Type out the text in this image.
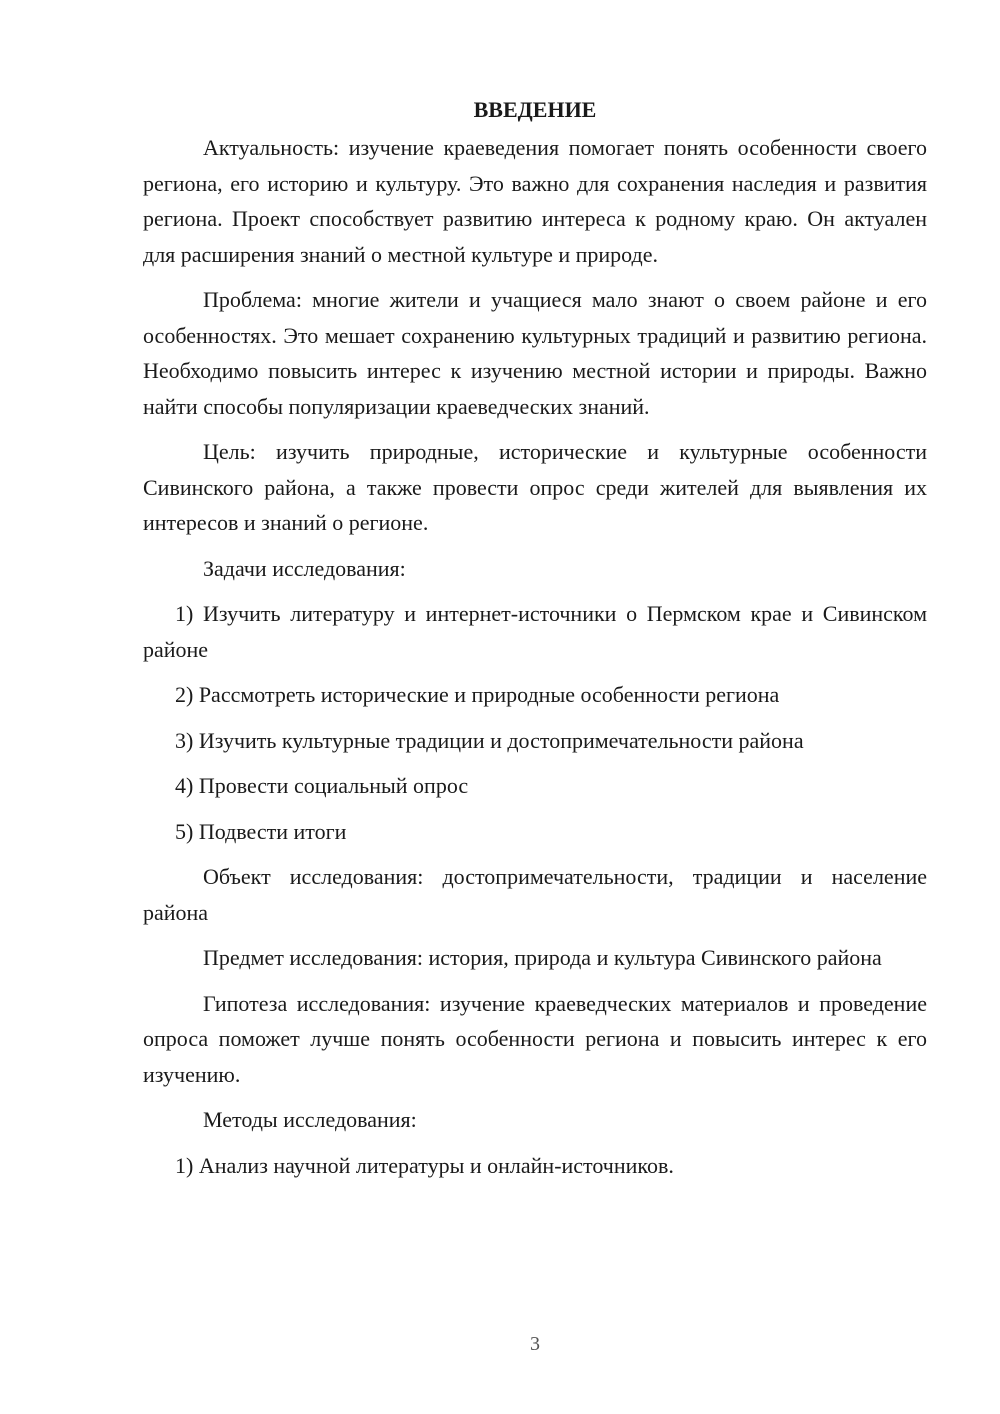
ВВЕДЕНИЕ

Актуальность: изучение краеведения помогает понять особенности своего региона, его историю и культуру. Это важно для сохранения наследия и развития региона. Проект способствует развитию интереса к родному краю. Он актуален для расширения знаний о местной культуре и природе.

Проблема: многие жители и учащиеся мало знают о своем районе и его особенностях. Это мешает сохранению культурных традиций и развитию региона. Необходимо повысить интерес к изучению местной истории и природы. Важно найти способы популяризации краеведческих знаний.

Цель: изучить природные, исторические и культурные особенности Сивинского района, а также провести опрос среди жителей для выявления их интересов и знаний о регионе.

Задачи исследования:

1) Изучить литературу и интернет-источники о Пермском крае и Сивинском районе

2) Рассмотреть исторические и природные особенности региона

3) Изучить культурные традиции и достопримечательности района

4) Провести социальный опрос

5) Подвести итоги

Объект исследования: достопримечательности, традиции и население района

Предмет исследования: история, природа и культура Сивинского района

Гипотеза исследования: изучение краеведческих материалов и проведение опроса поможет лучше понять особенности региона и повысить интерес к его изучению.

Методы исследования:

1) Анализ научной литературы и онлайн-источников.

3
